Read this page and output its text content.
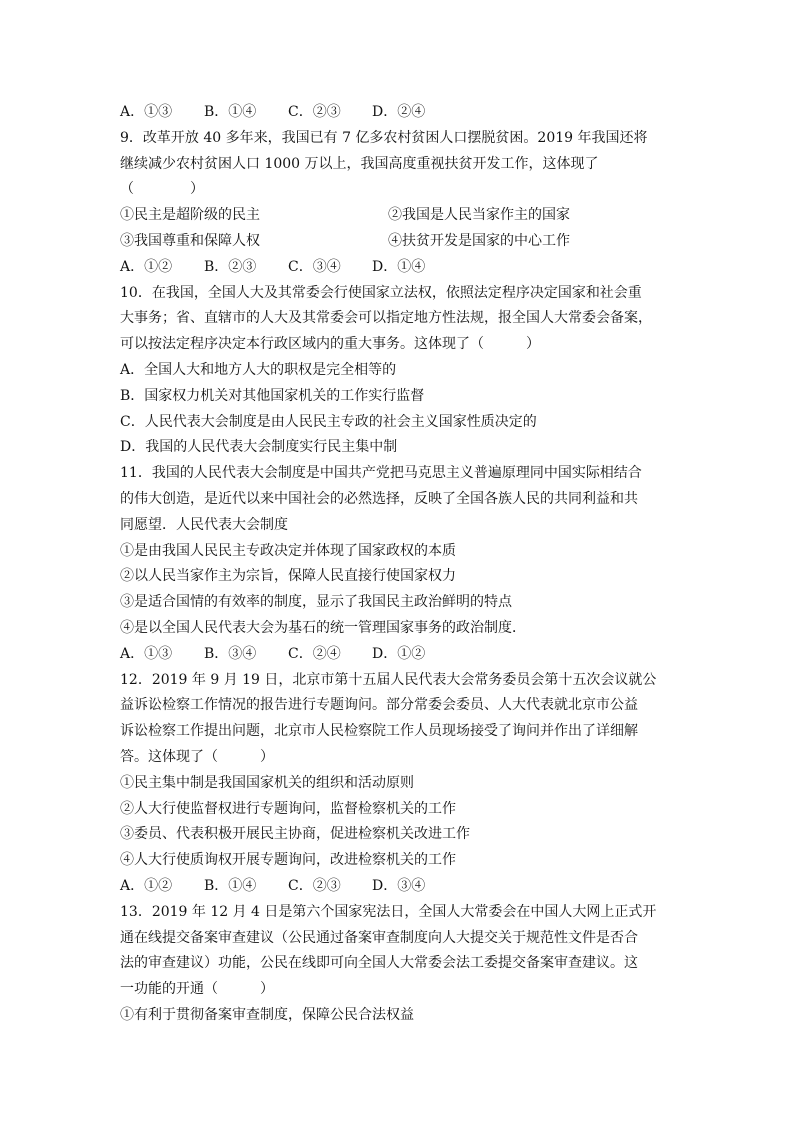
A．①③	B．①④	C．②③	D．②④
9．改革开放 40 多年来，我国已有 7 亿多农村贫困人口摆脱贫困。2019 年我国还将
继续减少农村贫困人口 1000 万以上，我国高度重视扶贫开发工作，这体现了
（　　　　）
①民主是超阶级的民主	②我国是人民当家作主的国家
③我国尊重和保障人权	④扶贫开发是国家的中心工作
A．①②	B．②③	C．③④	D．①④
10．在我国，全国人大及其常委会行使国家立法权，依照法定程序决定国家和社会重
大事务；省、直辖市的人大及其常委会可以指定地方性法规，报全国人大常委会备案，
可以按法定程序决定本行政区域内的重大事务。这体现了（　　　）
A．全国人大和地方人大的职权是完全相等的
B．国家权力机关对其他国家机关的工作实行监督
C．人民代表大会制度是由人民民主专政的社会主义国家性质决定的
D．我国的人民代表大会制度实行民主集中制
11．我国的人民代表大会制度是中国共产党把马克思主义普遍原理同中国实际相结合
的伟大创造，是近代以来中国社会的必然选择，反映了全国各族人民的共同利益和共
同愿望．人民代表大会制度
①是由我国人民民主专政决定并体现了国家政权的本质
②以人民当家作主为宗旨，保障人民直接行使国家权力
③是适合国情的有效率的制度，显示了我国民主政治鲜明的特点
④是以全国人民代表大会为基石的统一管理国家事务的政治制度．
A．①③	B．③④	C．②④	D．①②
12．2019 年 9 月 19 日，北京市第十五届人民代表大会常务委员会第十五次会议就公
益诉讼检察工作情况的报告进行专题询问。部分常委会委员、人大代表就北京市公益
诉讼检察工作提出问题，北京市人民检察院工作人员现场接受了询问并作出了详细解
答。这体现了（　　　）
①民主集中制是我国国家机关的组织和活动原则
②人大行使监督权进行专题询问，监督检察机关的工作
③委员、代表积极开展民主协商，促进检察机关改进工作
④人大行使质询权开展专题询问，改进检察机关的工作
A．①②	B．①④	C．②③	D．③④
13．2019 年 12 月 4 日是第六个国家宪法日，全国人大常委会在中国人大网上正式开
通在线提交备案审查建议（公民通过备案审查制度向人大提交关于规范性文件是否合
法的审查建议）功能，公民在线即可向全国人大常委会法工委提交备案审查建议。这
一功能的开通（　　　）
①有利于贯彻备案审查制度，保障公民合法权益
